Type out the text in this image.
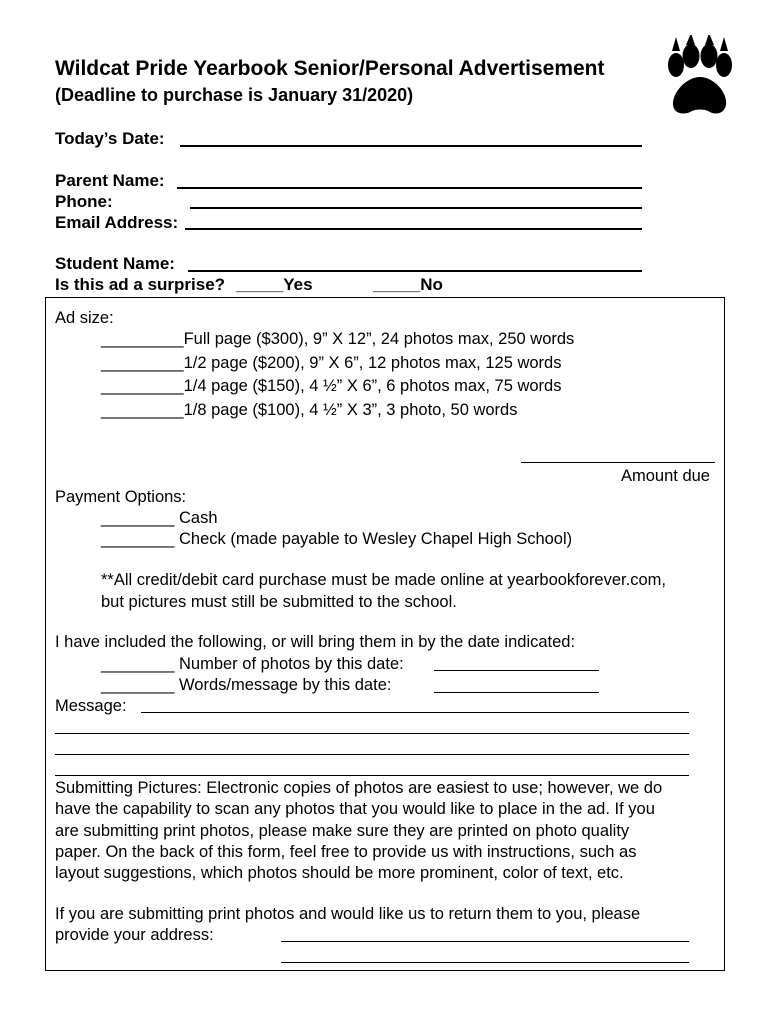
Wildcat Pride Yearbook Senior/Personal Advertisement
(Deadline to purchase is January 31/2020)
Today’s Date:
Parent Name:
Phone:
Email Address:
Student Name:
Is this ad a surprise? _____Yes	_____No
Ad size:
_________Full page ($300), 9” X 12”, 24 photos max, 250 words
_________1/2 page ($200), 9” X 6”, 12 photos max, 125 words
_________1/4 page ($150), 4 ½” X 6”, 6 photos max, 75 words
_________1/8 page ($100), 4 ½” X 3”, 3 photo, 50 words
Amount due
Payment Options:
________ Cash
________ Check (made payable to Wesley Chapel High School)
**All credit/debit card purchase must be made online at yearbookforever.com,
but pictures must still be submitted to the school.
I have included the following, or will bring them in by the date indicated:
________ Number of photos by this date:
________ Words/message by this date:
Message:
Submitting Pictures: Electronic copies of photos are easiest to use; however, we do
have the capability to scan any photos that you would like to place in the ad. If you
are submitting print photos, please make sure they are printed on photo quality
paper. On the back of this form, feel free to provide us with instructions, such as
layout suggestions, which photos should be more prominent, color of text, etc.
If you are submitting print photos and would like us to return them to you, please
provide your address:
